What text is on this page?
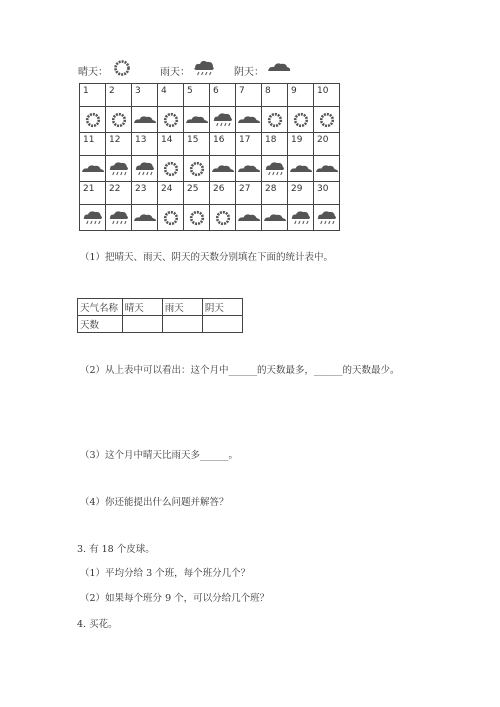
晴天：	雨天：	阴天：
1	2	3	4	5	6	7	8	9	10

11	12	13	14	15	16	17	18	19	20

21	22	23	24	25	26	27	28	29	30

（1）把晴天、雨天、阴天的天数分别填在下面的统计表中。
天气名称	晴天	雨天	阴天
天数			
（2）从上表中可以看出：这个月中______的天数最多，______的天数最少。
（3）这个月中晴天比雨天多______。
（4）你还能提出什么问题并解答？
3. 有 18 个皮球。
（1）平均分给 3 个班，每个班分几个？
（2）如果每个班分 9 个，可以分给几个班？
4. 买花。
